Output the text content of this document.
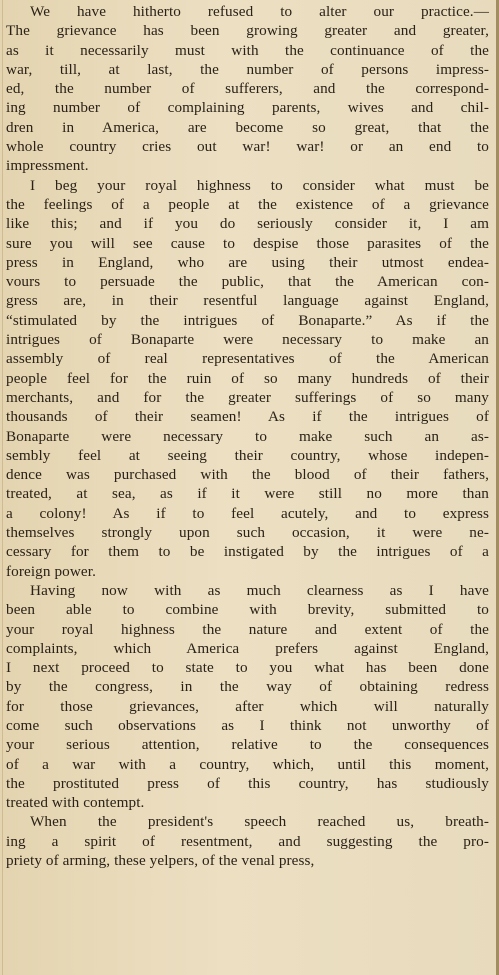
We have hitherto refused to alter our practice.—
The grievance has been growing greater and greater,
as it necessarily must with the continuance of the
war, till, at last, the number of persons impress-
ed, the number of sufferers, and the correspond-
ing number of complaining parents, wives and chil-
dren in America, are become so great, that the
whole country cries out war! war! or an end to
impressment.
I beg your royal highness to consider what must be
the feelings of a people at the existence of a grievance
like this; and if you do seriously consider it, I am
sure you will see cause to despise those parasites of the
press in England, who are using their utmost endea-
vours to persuade the public, that the American con-
gress are, in their resentful language against England,
“stimulated by the intrigues of Bonaparte.” As if the
intrigues of Bonaparte were necessary to make an
assembly of real representatives of the American
people feel for the ruin of so many hundreds of their
merchants, and for the greater sufferings of so many
thousands of their seamen! As if the intrigues of
Bonaparte were necessary to make such an as-
sembly feel at seeing their country, whose indepen-
dence was purchased with the blood of their fathers,
treated, at sea, as if it were still no more than
a colony! As if to feel acutely, and to express
themselves strongly upon such occasion, it were ne-
cessary for them to be instigated by the intrigues of a
foreign power.
Having now with as much clearness as I have
been able to combine with brevity, submitted to
your royal highness the nature and extent of the
complaints, which America prefers against England,
I next proceed to state to you what has been done
by the congress, in the way of obtaining redress
for those grievances, after which will naturally
come such observations as I think not unworthy of
your serious attention, relative to the consequences
of a war with a country, which, until this moment,
the prostituted press of this country, has studiously
treated with contempt.
When the president's speech reached us, breath-
ing a spirit of resentment, and suggesting the pro-
priety of arming, these yelpers, of the venal press,
